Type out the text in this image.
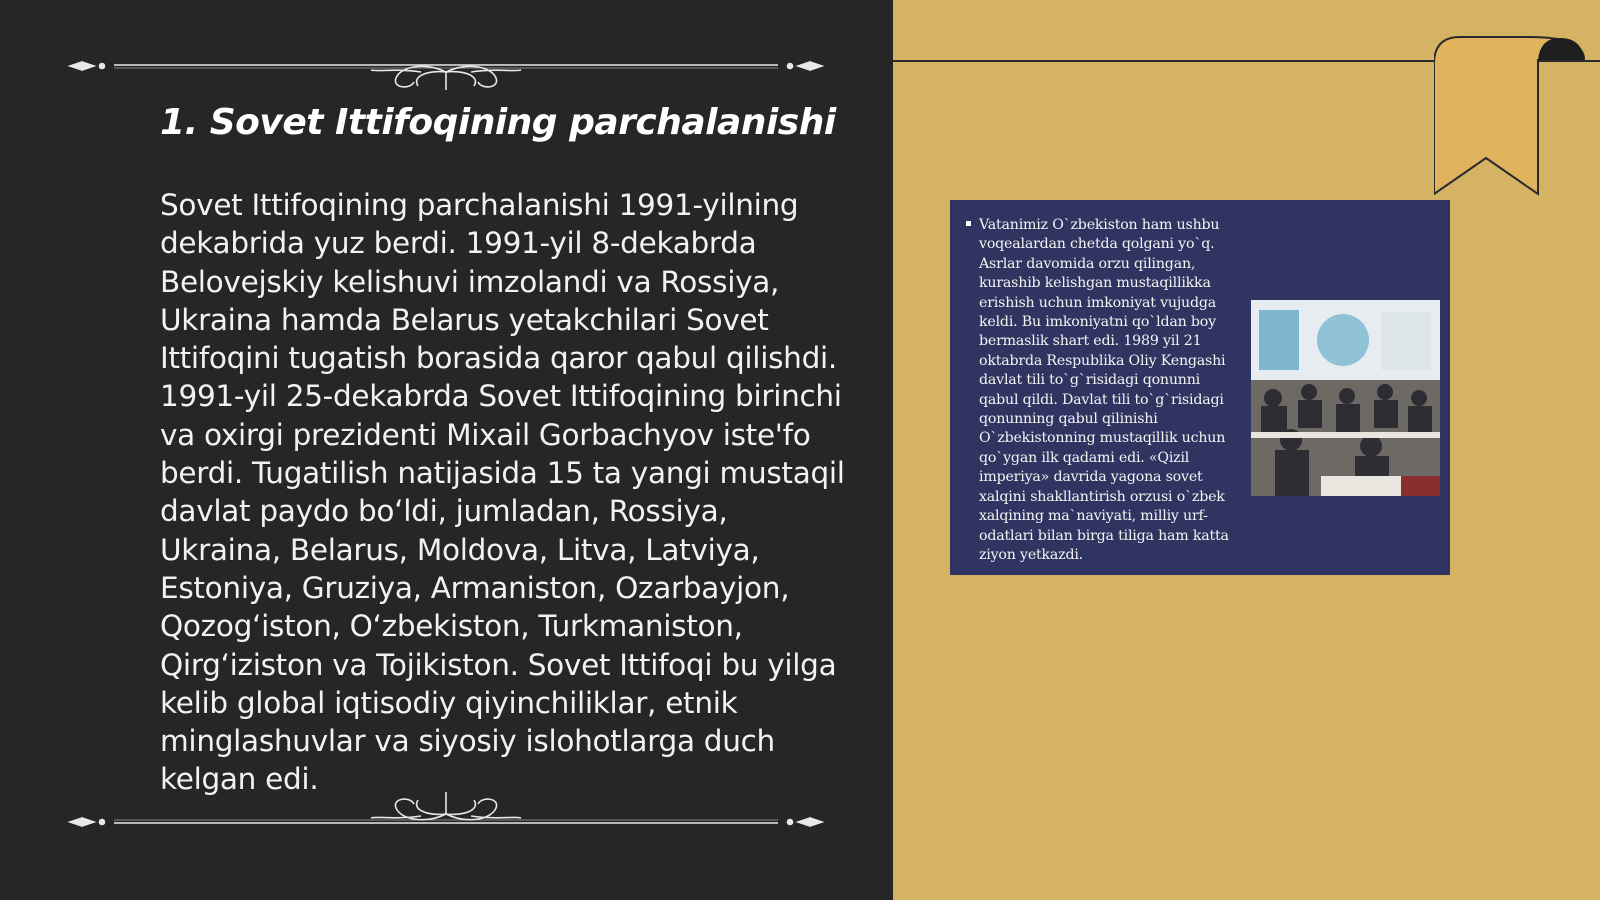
1. Sovet Ittifoqining parchalanishi

Sovet Ittifoqining parchalanishi 1991-yilning dekabrida yuz berdi. 1991-yil 8-dekabrda Belovejskiy kelishuvi imzolandi va Rossiya, Ukraina hamda Belarus yetakchilari Sovet Ittifoqini tugatish borasida qaror qabul qilishdi. 1991-yil 25-dekabrda Sovet Ittifoqining birinchi va oxirgi prezidenti Mixail Gorbachyov iste'fo berdi. Tugatilish natijasida 15 ta yangi mustaqil davlat paydo bo‘ldi, jumladan, Rossiya, Ukraina, Belarus, Moldova, Litva, Latviya, Estoniya, Gruziya, Armaniston, Ozarbayjon, Qozog‘iston, O‘zbekiston, Turkmaniston, Qirg‘iziston va Tojikiston. Sovet Ittifoqi bu yilga kelib global iqtisodiy qiyinchiliklar, etnik minglashuvlar va siyosiy islohotlarga duch kelgan edi.

Vatanimiz O`zbekiston ham ushbu voqealardan chetda qolgani yo`q. Asrlar davomida orzu qilingan, kurashib kelishgan mustaqillikka erishish uchun imkoniyat vujudga keldi. Bu imkoniyatni qo`ldan boy bermaslik shart edi. 1989 yil 21 oktabrda Respublika Oliy Kengashi davlat tili to`g`risidagi qonunni qabul qildi. Davlat tili to`g`risidagi qonunning qabul qilinishi O`zbekistonning mustaqillik uchun qo`ygan ilk qadami edi. «Qizil imperiya» davrida yagona sovet xalqini shakllantirish orzusi o`zbek xalqining ma`naviyati, milliy urf-odatlari bilan birga tiliga ham katta ziyon yetkazdi.
